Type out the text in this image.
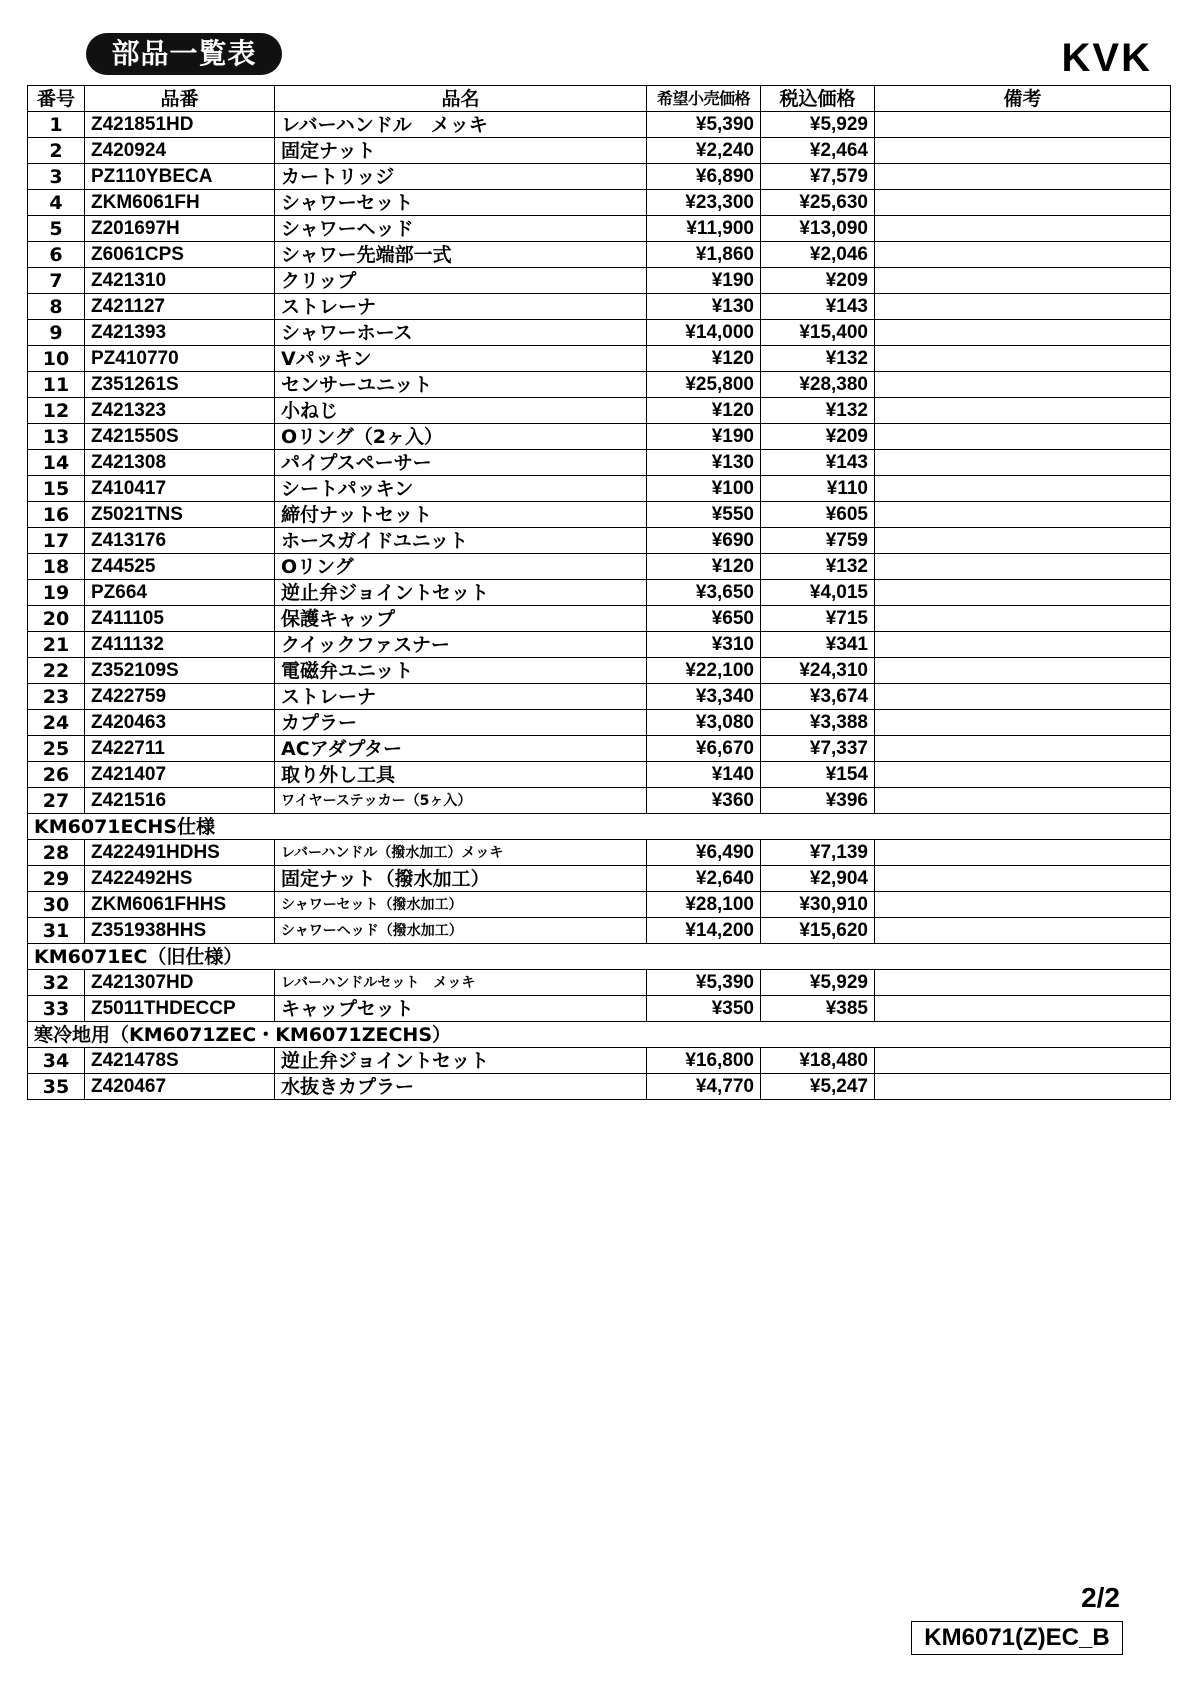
部品一覧表	KVK
番号	品番	品名	希望小売価格	税込価格	備考
1	Z421851HD	レバーハンドル　メッキ	¥5,390	¥5,929	
2	Z420924	固定ナット	¥2,240	¥2,464	
3	PZ110YBECA	カートリッジ	¥6,890	¥7,579	
4	ZKM6061FH	シャワーセット	¥23,300	¥25,630	
5	Z201697H	シャワーヘッド	¥11,900	¥13,090	
6	Z6061CPS	シャワー先端部一式	¥1,860	¥2,046	
7	Z421310	クリップ	¥190	¥209	
8	Z421127	ストレーナ	¥130	¥143	
9	Z421393	シャワーホース	¥14,000	¥15,400	
10	PZ410770	Vパッキン	¥120	¥132	
11	Z351261S	センサーユニット	¥25,800	¥28,380	
12	Z421323	小ねじ	¥120	¥132	
13	Z421550S	Oリング（2ヶ入）	¥190	¥209	
14	Z421308	パイプスペーサー	¥130	¥143	
15	Z410417	シートパッキン	¥100	¥110	
16	Z5021TNS	締付ナットセット	¥550	¥605	
17	Z413176	ホースガイドユニット	¥690	¥759	
18	Z44525	Oリング	¥120	¥132	
19	PZ664	逆止弁ジョイントセット	¥3,650	¥4,015	
20	Z411105	保護キャップ	¥650	¥715	
21	Z411132	クイックファスナー	¥310	¥341	
22	Z352109S	電磁弁ユニット	¥22,100	¥24,310	
23	Z422759	ストレーナ	¥3,340	¥3,674	
24	Z420463	カプラー	¥3,080	¥3,388	
25	Z422711	ACアダプター	¥6,670	¥7,337	
26	Z421407	取り外し工具	¥140	¥154	
27	Z421516	ワイヤーステッカー（5ヶ入）	¥360	¥396	
KM6071ECHS仕様					
28	Z422491HDHS	レバーハンドル（撥水加工）メッキ	¥6,490	¥7,139	
29	Z422492HS	固定ナット（撥水加工）	¥2,640	¥2,904	
30	ZKM6061FHHS	シャワーセット（撥水加工）	¥28,100	¥30,910	
31	Z351938HHS	シャワーヘッド（撥水加工）	¥14,200	¥15,620	
KM6071EC（旧仕様）					
32	Z421307HD	レバーハンドルセット　メッキ	¥5,390	¥5,929	
33	Z5011THDECCP	キャップセット	¥350	¥385	
寒冷地用（KM6071ZEC・KM6071ZECHS）					
34	Z421478S	逆止弁ジョイントセット	¥16,800	¥18,480	
35	Z420467	水抜きカプラー	¥4,770	¥5,247	
2/2
KM6071(Z)EC_B
